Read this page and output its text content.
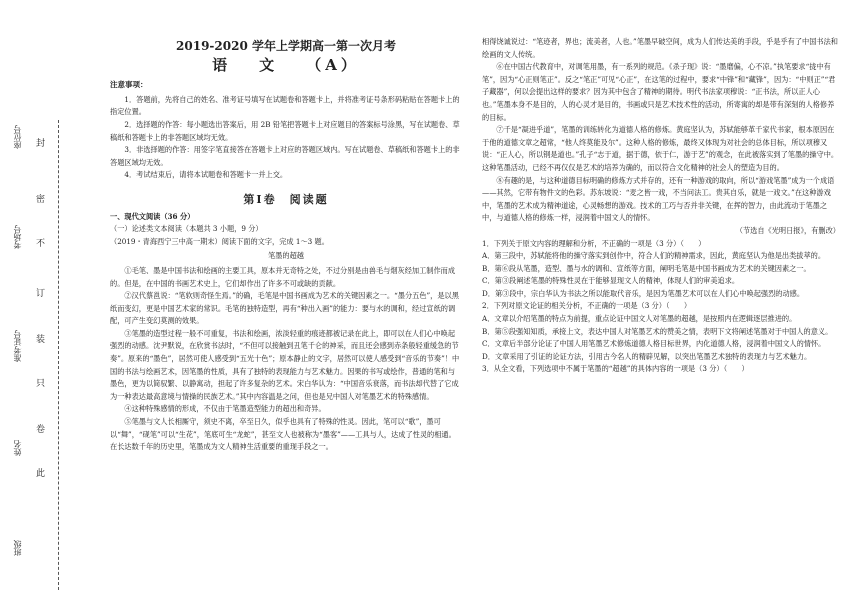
封
密
不
订
装
只
卷
此
座位号
考场号
准考证号
姓名
班级
2019-2020 学年上学期高一第一次月考
语 文 （A）
注意事项：

1．答题前，先将自己的姓名、准考证号填写在试题卷和答题卡上，并将准考证号条形码粘贴在答题卡上的指定位置。

2．选择题的作答：每小题选出答案后，用 2B 铅笔把答题卡上对应题目的答案标号涂黑，写在试题卷、草稿纸和答题卡上的非答题区域均无效。

3．非选择题的作答：用签字笔直接答在答题卡上对应的答题区域内。写在试题卷、草稿纸和答题卡上的非答题区域均无效。

4．考试结束后，请将本试题卷和答题卡一并上交。

第Ⅰ卷　阅读题

一、现代文阅读（36 分）

（一）论述类文本阅读（本题共 3 小题，9 分）

（2019・青海西宁三中高一期末）阅读下面的文字，完成 1～3 题。

笔墨的超越

①毛笔、墨是中国书法和绘画的主要工具，原本并无奇特之处，不过分别是由兽毛与烟灰经加工制作而成的。但是，在中国的书画艺术史上，它们却作出了许多不可或缺的贡献。

②汉代蔡邕说：“笔软则奇怪生焉。”的确，毛笔是中国书画成为艺术的关键因素之一。“墨分五色”，是以黑纸而变幻，更是中国艺术家的常识。毛笔的独特造型，再有“种出入画”的能力：要与水的调和，经过宣纸的调配，可产生变幻莫测的效果。

③笔墨的造型过程一般不可重复，书法和绘画，浓淡轻重的痕迹都被记录在此上，即可以在人们心中唤起强烈的动感。沈尹默说，在欣赏书法时，“不但可以接触到丑笔千仑的神采，而且还会感到赤条般轻重缓急的节奏”。原来的“墨色”，居然可使人感受到“五光十色”；原本静止的文字，居然可以使人感受到“音乐的节奏”！中国的书法与绘画艺术，因笔墨的性质，具有了独特的表现能力与艺术魅力。因果的书写或绘作，普通的笔和与墨色，更为以简驭繁、以静寓动，担起了许多复杂的艺术。宋白华认为：“中国音乐衰落，而书法却代替了它成为一种表达最高意境与情操的民族艺术。”其中内容温是之问，但也是兄中国人对笔墨艺术的特殊感情。

④这种特殊感情的形成，不仅由于笔墨造型能力的超出和奇异。

⑤笔墨与文人长相厮守，须史不离，卒至日久，似乎也具有了特殊的性灵。因此，笔可以“歌”，墨可以“舞”，“砚笔”可以“生花”，笔底可生“龙蛇”，甚至文人也被称为“墨客”——工具与人，达成了性灵的相通。在长达数千年的历史里，笔墨成为文人精神生活重要的重现手段之一。

相得饶诚说过：“笔迹者，界也；流美者，人也。”笔墨早破空间，成为人们传达美的手段，乎是乎有了中国书法和绘画的文人传统。

⑥在中国古代教育中，对调笔用墨，有一系列的规范。《杀子现》说：“墨磨偏，心不凉。”执笔要求“拢中有笔”，因为“心正则笔正”。反之“笔正”可见“心正”，在这笔的过程中，要求“中锋”和“藏锋”，因为：“中则正”“君子藏器”，何以会提出这样的要求？因为其中包含了精神的期待。明代书法家项穆说：“正书法，所以正人心也。”笔墨本身不是目的，人的心灵才是目的，书画或只是艺术技术性的活动，所寄寓的却是带有深刻的人格修养的目标。

⑦千是“凝进乎道”，笔墨的训练转化为道德人格的修炼。黄庭坚认为，苏轼能够革千家代书家，根本原因在于他的道德文章之超常，“他人终莫能及尔”。这种人格的修炼，最终又体现为对社会的总体目标，所以项穆又说：“正人心，所以钢是道也。”孔子“志于道，据于德，依于仁，游于艺”的观念，在此被落实到了笔墨的操守中。这种笔墨活动，已经不再仅仅是艺术的培养为确的，而以符合文化精神的社会人的塑造为目的。

⑧有趣的是，与这种道德目标明确的修炼方式并存的，还有一种游戏的取向，所以“游戏笔墨”成为一个成语——其然，它带有物件文的色彩。苏东坡说：“麦之皆一戏，不当问法工。贵其自乐，就是一戏文。”在这种游戏中，笔墨的艺术成为精神道途，心灵畅想的游戏。技术的工巧与否并非关键，在挥的智力，由此流动于笔墨之中，与道德人格的修炼一样，浸润着中国文人的情怀。

（节选自《光明日报》，有删改）

1．下列关于原文内容的理解和分析，不正确的一项是（3 分）（　　）

A．第三段中，苏轼能将他的操守落实到创作中，符合人们的精神需求，因此，黄庭坚认为他是出类拔萃的。

B．第⑥段从笔墨，造型、墨与水的调和、宣纸等方面，阐明毛笔是中国书画成为艺术的关键因素之一。

C．第③段阐述笔墨的特殊性灵在于能够显现文人的精神，体现人们的审美追求。

D．第③段中，宗白华认为书法之所以能取代音乐，是因为笔墨艺术可以在人们心中唤起强烈的动感。

2．下列对原文论证的相关分析，不正确的一项是（3 分）（　　）

A．文章以介绍笔墨的特点为前提，重点论证中国文人对笔墨的超越，是按照内在逻辑逐层推进的。

B．第⑤段强知知质，承接上文，表达中国人对笔墨艺术的赞美之情，表明下文将阐述笔墨对于中国人的意义。

C．文章后半部分论证了中国人用笔墨艺术修炼道德人格目标世界，内化道德人格，浸润着中国文人的情怀。

D．文章采用了引证的论证方法，引用古今名人的精辟见解，以突出笔墨艺术独特的表现力与艺术魅力。

3．从全文看，下列选项中不属于笔墨的“超越”的具体内容的一项是（3 分）（　　）
